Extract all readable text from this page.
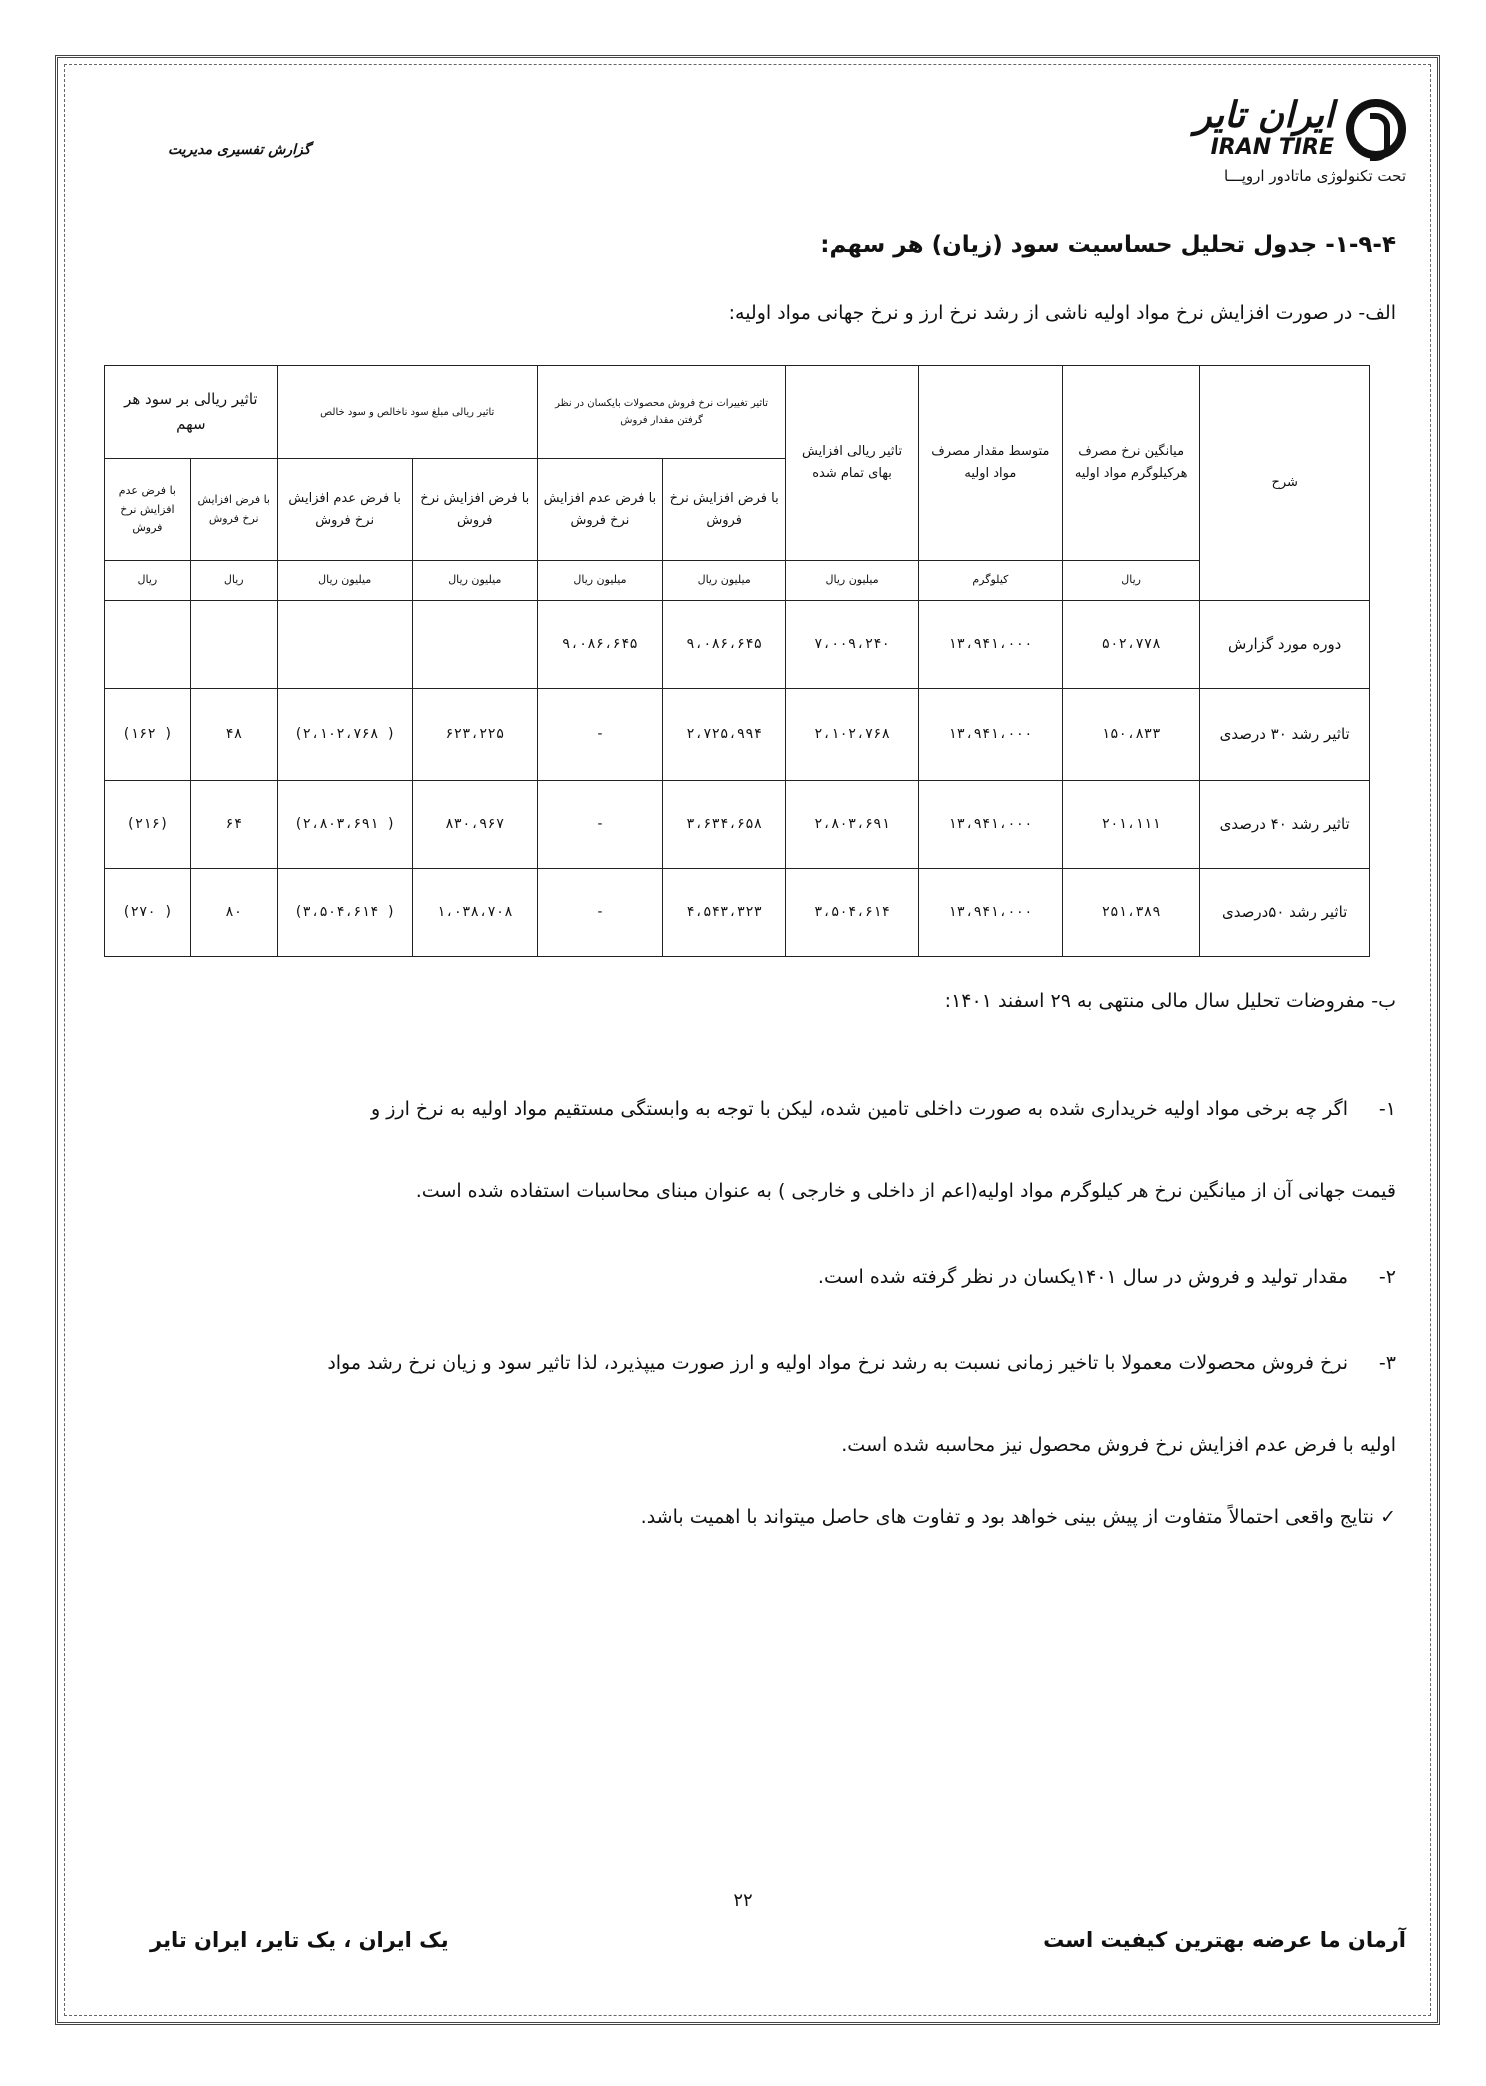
ایران تایر
IRAN TIRE
تحت تکنولوژی ماتادور اروپـــا
گزارش تفسیری مدیریت
۱-۹-۴- جدول تحلیل حساسیت سود (زیان) هر سهم:
الف- در صورت افزایش نرخ مواد اولیه ناشی از رشد نرخ ارز و نرخ جهانی مواد اولیه:
شرح	میانگین نرخ مصرف هرکیلوگرم مواد اولیه	متوسط مقدار مصرف مواد اولیه	تاثیر ریالی افزایش بهای تمام شده	تاثیر تغییرات نرخ فروش محصولات بایکسان در نظر گرفتن مقدار فروش		تاثیر ریالی مبلغ سود ناخالص و سود خالص		تاثیر ریالی بر سود هر سهم	
				با فرض افزایش نرخ فروش	با فرض عدم افزایش نرخ فروش	با فرض افزایش نرخ فروش	با فرض عدم افزایش نرخ فروش	با فرض افزایش نرخ فروش	با فرض عدم افزایش نرخ فروش
	ریال	کیلوگرم	میلیون ریال	میلیون ریال	میلیون ریال	میلیون ریال	میلیون ریال	ریال	ریال
دوره مورد گزارش	۵۰۲،۷۷۸	۱۳،۹۴۱،۰۰۰	۷،۰۰۹،۲۴۰	۹،۰۸۶،۶۴۵	۹،۰۸۶،۶۴۵				
تاثیر رشد ۳۰ درصدی	۱۵۰،۸۳۳	۱۳،۹۴۱،۰۰۰	۲،۱۰۲،۷۶۸	۲،۷۲۵،۹۹۴	-	۶۲۳،۲۲۵	(۲،۱۰۲،۷۶۸ )	۴۸	(۱۶۲ )
تاثیر رشد ۴۰ درصدی	۲۰۱،۱۱۱	۱۳،۹۴۱،۰۰۰	۲،۸۰۳،۶۹۱	۳،۶۳۴،۶۵۸	-	۸۳۰،۹۶۷	(۲،۸۰۳،۶۹۱ )	۶۴	(۲۱۶)
تاثیر رشد ۵۰درصدی	۲۵۱،۳۸۹	۱۳،۹۴۱،۰۰۰	۳،۵۰۴،۶۱۴	۴،۵۴۳،۳۲۳	-	۱،۰۳۸،۷۰۸	(۳،۵۰۴،۶۱۴ )	۸۰	(۲۷۰ )
ب- مفروضات تحلیل سال مالی منتهی به ۲۹ اسفند ۱۴۰۱:
۱-

اگر چه برخی مواد اولیه خریداری شده به صورت داخلی تامین شده، لیکن با توجه به وابستگی مستقیم مواد اولیه به نرخ ارز و

قیمت جهانی آن از میانگین نرخ هر کیلوگرم مواد اولیه(اعم از داخلی و خارجی ) به عنوان مبنای محاسبات استفاده شده است.

۲-

مقدار تولید و فروش در سال ۱۴۰۱یکسان در نظر گرفته شده است.

۳-

نرخ فروش محصولات معمولا با تاخیر زمانی نسبت به رشد نرخ مواد اولیه و ارز صورت میپذیرد، لذا تاثیر سود و زیان نرخ رشد مواد

اولیه با فرض عدم افزایش نرخ فروش محصول نیز محاسبه شده است.

✓ نتایج واقعی احتمالاً متفاوت از پیش بینی خواهد بود و تفاوت های حاصل میتواند با اهمیت باشد.

۲۲
آرمان ما عرضه بهترین کیفیت است
یک ایران ، یک تایر، ایران تایر
